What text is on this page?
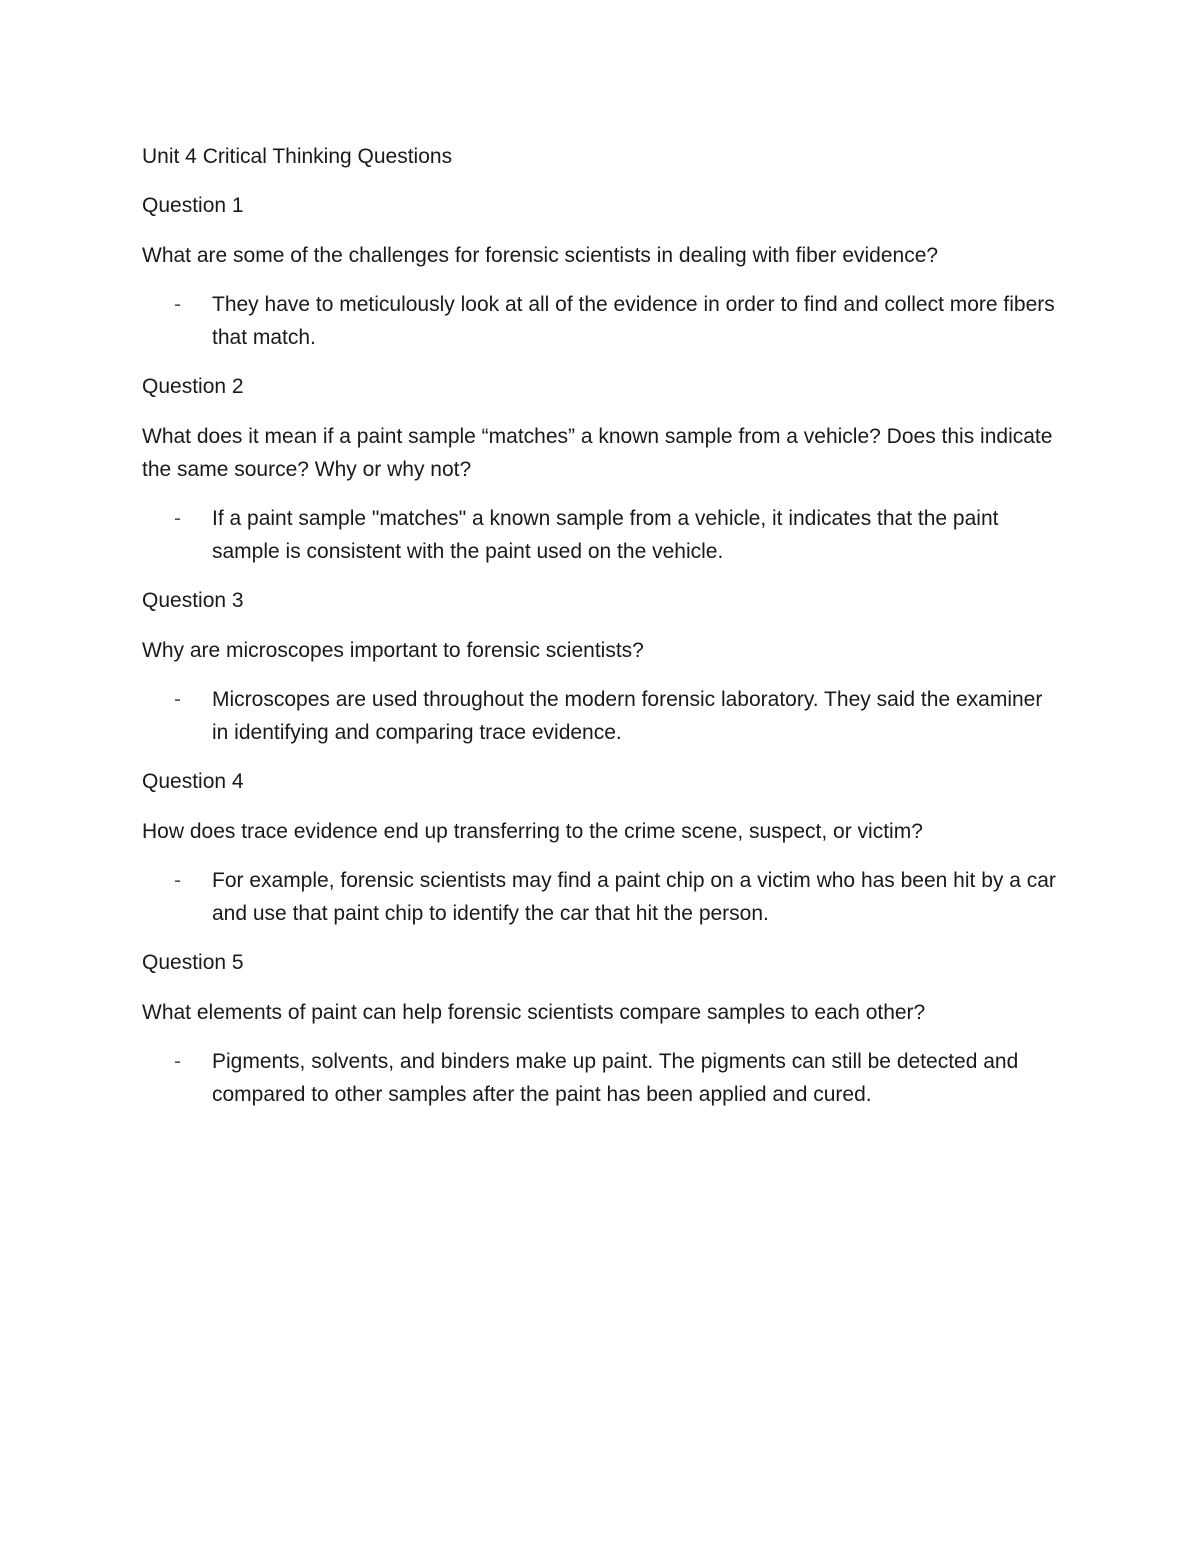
Unit 4 Critical Thinking Questions

Question 1

What are some of the challenges for forensic scientists in dealing with fiber evidence?

- They have to meticulously look at all of the evidence in order to find and collect more fibers that match.

Question 2

What does it mean if a paint sample “matches” a known sample from a vehicle? Does this indicate the same source? Why or why not?

- If a paint sample "matches" a known sample from a vehicle, it indicates that the paint sample is consistent with the paint used on the vehicle.

Question 3

Why are microscopes important to forensic scientists?

- Microscopes are used throughout the modern forensic laboratory. They said the examiner in identifying and comparing trace evidence.

Question 4

How does trace evidence end up transferring to the crime scene, suspect, or victim?

- For example, forensic scientists may find a paint chip on a victim who has been hit by a car and use that paint chip to identify the car that hit the person.

Question 5

What elements of paint can help forensic scientists compare samples to each other?

- Pigments, solvents, and binders make up paint. The pigments can still be detected and compared to other samples after the paint has been applied and cured.
